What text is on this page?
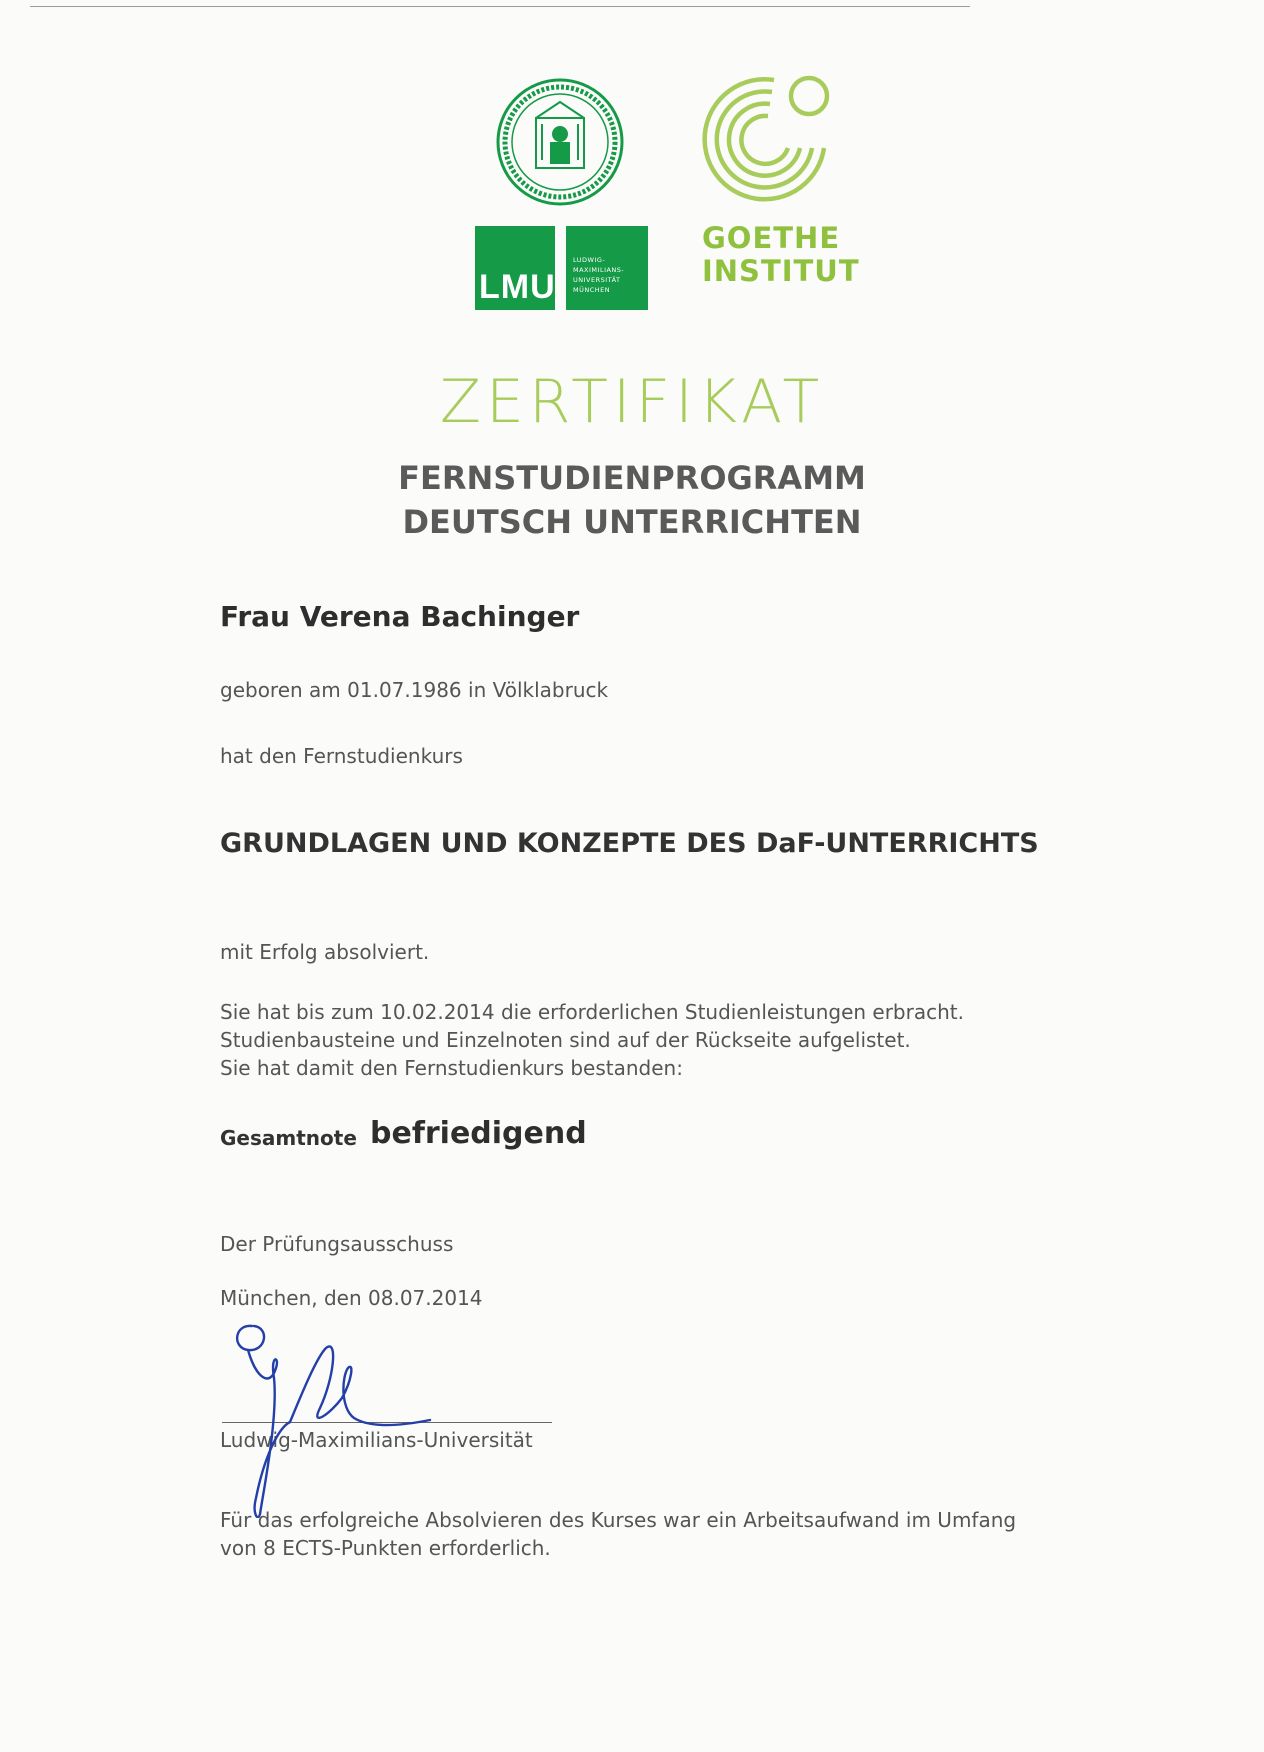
LMU
LUDWIG-
MAXIMILIANS-
UNIVERSITÄT
MÜNCHEN
GOETHE
INSTITUT
ZERTIFIKAT
FERNSTUDIENPROGRAMM
DEUTSCH UNTERRICHTEN
Frau Verena Bachinger
geboren am 01.07.1986 in Völklabruck
hat den Fernstudienkurs
GRUNDLAGEN UND KONZEPTE DES DaF-UNTERRICHTS
mit Erfolg absolviert.
Sie hat bis zum 10.02.2014 die erforderlichen Studienleistungen erbracht.
Studienbausteine und Einzelnoten sind auf der Rückseite aufgelistet.
Sie hat damit den Fernstudienkurs bestanden:
Gesamtnote befriedigend
Der Prüfungsausschuss
München, den 08.07.2014
Ludwig-Maximilians-Universität
Für das erfolgreiche Absolvieren des Kurses war ein Arbeitsaufwand im Umfang
von 8 ECTS-Punkten erforderlich.
